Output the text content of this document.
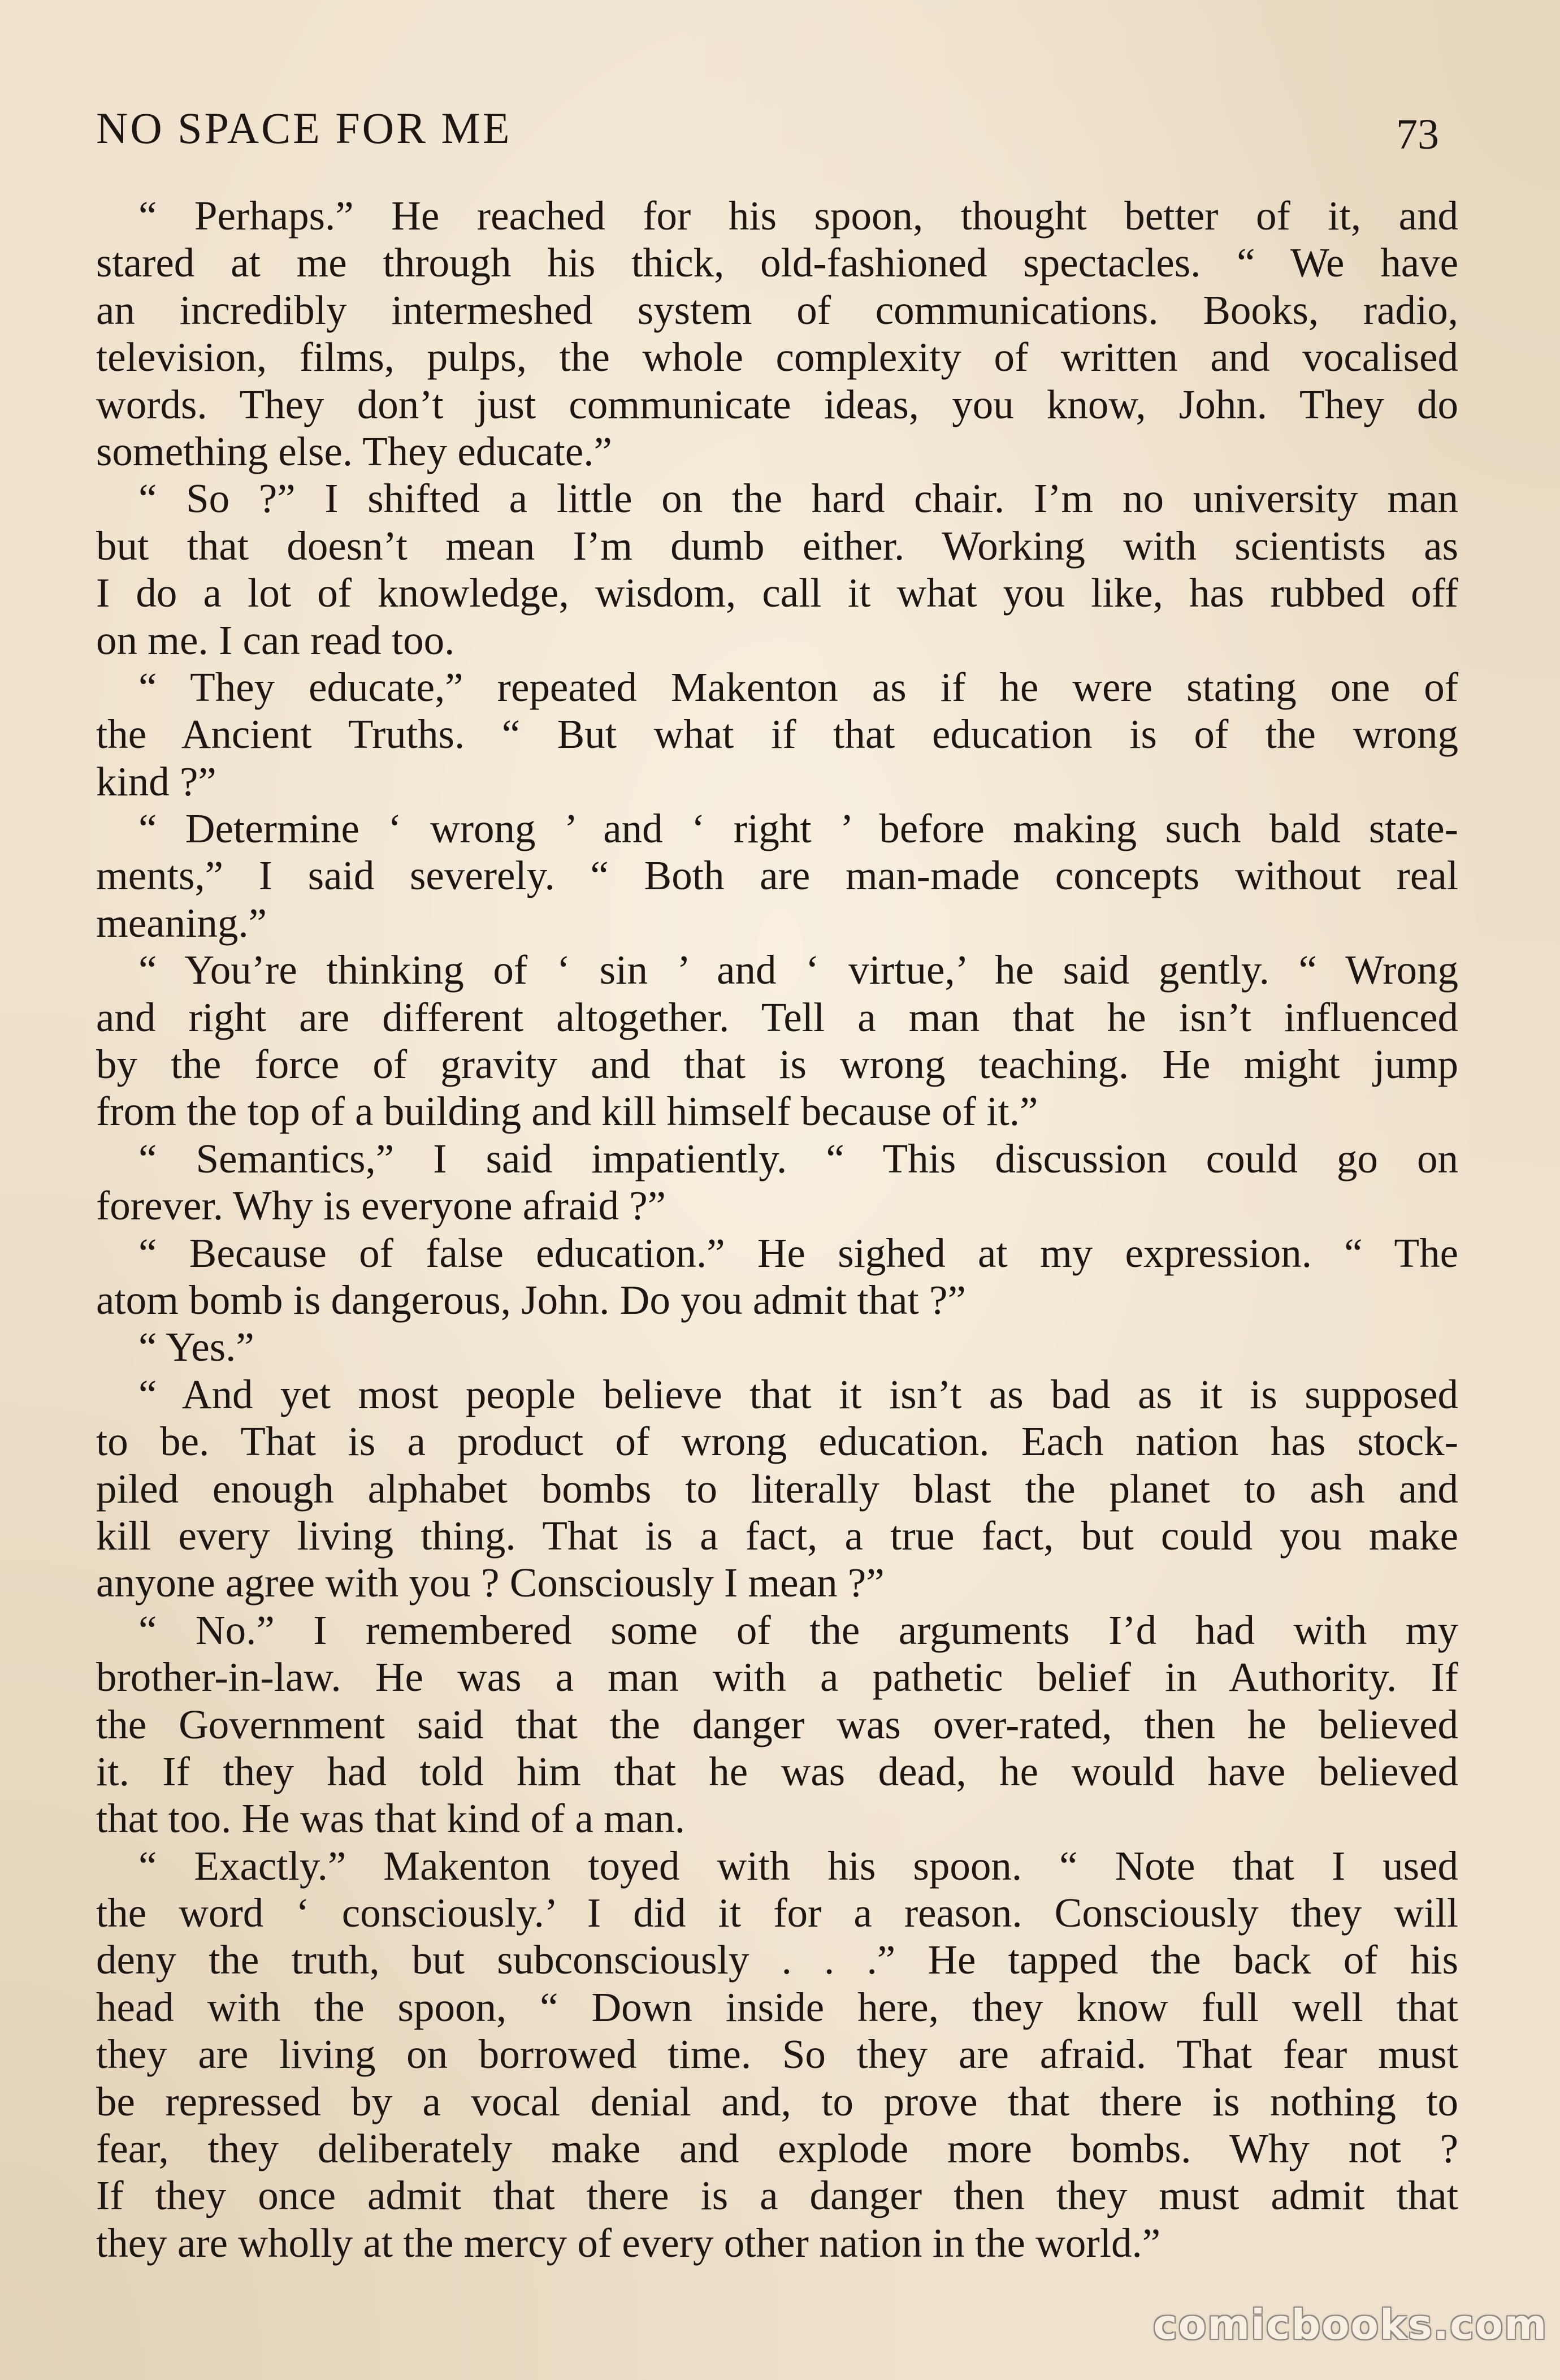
NO SPACE FOR ME	73
“ Perhaps.” He reached for his spoon, thought better of it, and
stared at me through his thick, old-fashioned spectacles. “ We have
an incredibly intermeshed system of communications. Books, radio,
television, films, pulps, the whole complexity of written and vocalised
words. They don’t just communicate ideas, you know, John. They do
something else. They educate.”
“ So ?” I shifted a little on the hard chair. I’m no university man
but that doesn’t mean I’m dumb either. Working with scientists as
I do a lot of knowledge, wisdom, call it what you like, has rubbed off
on me. I can read too.
“ They educate,” repeated Makenton as if he were stating one of
the Ancient Truths. “ But what if that education is of the wrong
kind ?”
“ Determine ‘ wrong ’ and ‘ right ’ before making such bald state-
ments,” I said severely. “ Both are man-made concepts without real
meaning.”
“ You’re thinking of ‘ sin ’ and ‘ virtue,’ he said gently. “ Wrong
and right are different altogether. Tell a man that he isn’t influenced
by the force of gravity and that is wrong teaching. He might jump
from the top of a building and kill himself because of it.”
“ Semantics,” I said impatiently. “ This discussion could go on
forever. Why is everyone afraid ?”
“ Because of false education.” He sighed at my expression. “ The
atom bomb is dangerous, John. Do you admit that ?”
“ Yes.”
“ And yet most people believe that it isn’t as bad as it is supposed
to be. That is a product of wrong education. Each nation has stock-
piled enough alphabet bombs to literally blast the planet to ash and
kill every living thing. That is a fact, a true fact, but could you make
anyone agree with you ? Consciously I mean ?”
“ No.” I remembered some of the arguments I’d had with my
brother-in-law. He was a man with a pathetic belief in Authority. If
the Government said that the danger was over-rated, then he believed
it. If they had told him that he was dead, he would have believed
that too. He was that kind of a man.
“ Exactly.” Makenton toyed with his spoon. “ Note that I used
the word ‘ consciously.’ I did it for a reason. Consciously they will
deny the truth, but subconsciously . . .” He tapped the back of his
head with the spoon, “ Down inside here, they know full well that
they are living on borrowed time. So they are afraid. That fear must
be repressed by a vocal denial and, to prove that there is nothing to
fear, they deliberately make and explode more bombs. Why not ?
If they once admit that there is a danger then they must admit that
they are wholly at the mercy of every other nation in the world.”
comicbooks.com
